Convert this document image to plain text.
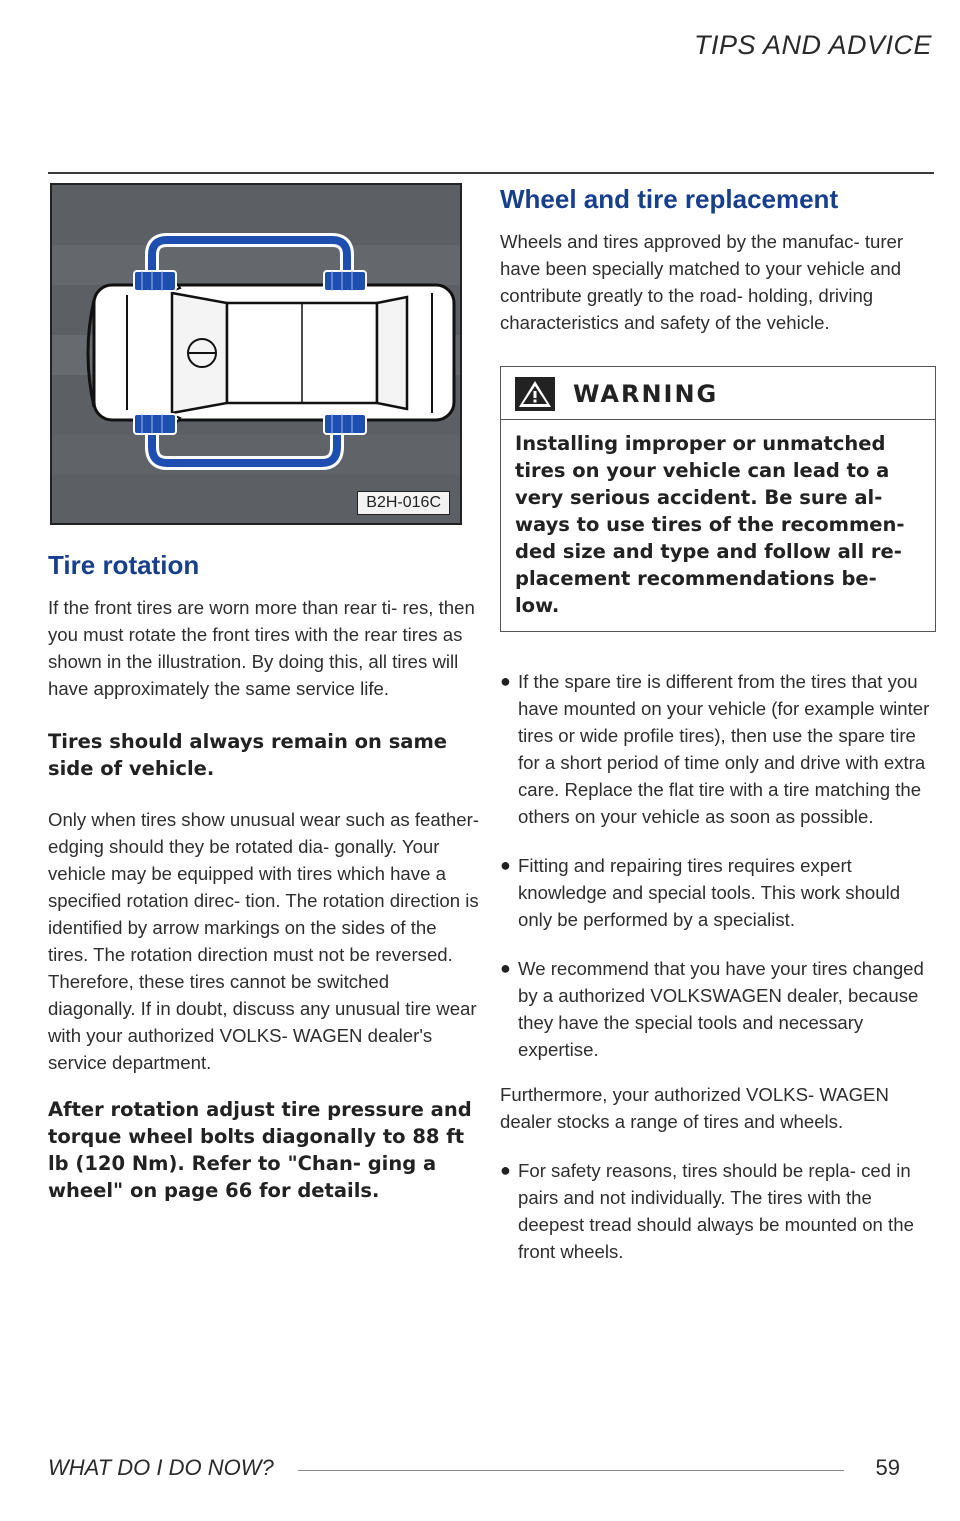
TIPS AND ADVICE
B2H-016C
Tire rotation

If the front tires are worn more than rear ti- res, then you must rotate the front tires with the rear tires as shown in the illustration. By doing this, all tires will have approximately the same service life.

Tires should always remain on same side of vehicle.

Only when tires show unusual wear such as feather-edging should they be rotated dia- gonally. Your vehicle may be equipped with tires which have a specified rotation direc- tion. The rotation direction is identified by arrow markings on the sides of the tires. The rotation direction must not be reversed. Therefore, these tires cannot be switched diagonally. If in doubt, discuss any unusual tire wear with your authorized VOLKS- WAGEN dealer's service department.

After rotation adjust tire pressure and torque wheel bolts diagonally to 88 ft lb (120 Nm). Refer to "Chan- ging a wheel" on page 66 for details.

Wheel and tire replacement

Wheels and tires approved by the manufac- turer have been specially matched to your vehicle and contribute greatly to the road- holding, driving characteristics and safety of the vehicle.

WARNING
Installing improper or unmatched tires on your vehicle can lead to a very serious accident. Be sure al- ways to use tires of the recommen- ded size and type and follow all re- placement recommendations be- low.
● If the spare tire is different from the tires that you have mounted on your vehicle (for example winter tires or wide profile tires), then use the spare tire for a short period of time only and drive with extra care. Replace the flat tire with a tire matching the others on your vehicle as soon as possible.

● Fitting and repairing tires requires expert knowledge and special tools. This work should only be performed by a specialist.

● We recommend that you have your tires changed by a authorized VOLKSWAGEN dealer, because they have the special tools and necessary expertise.

Furthermore, your authorized VOLKS- WAGEN dealer stocks a range of tires and wheels.

● For safety reasons, tires should be repla- ced in pairs and not individually. The tires with the deepest tread should always be mounted on the front wheels.

WHAT DO I DO NOW?	59
